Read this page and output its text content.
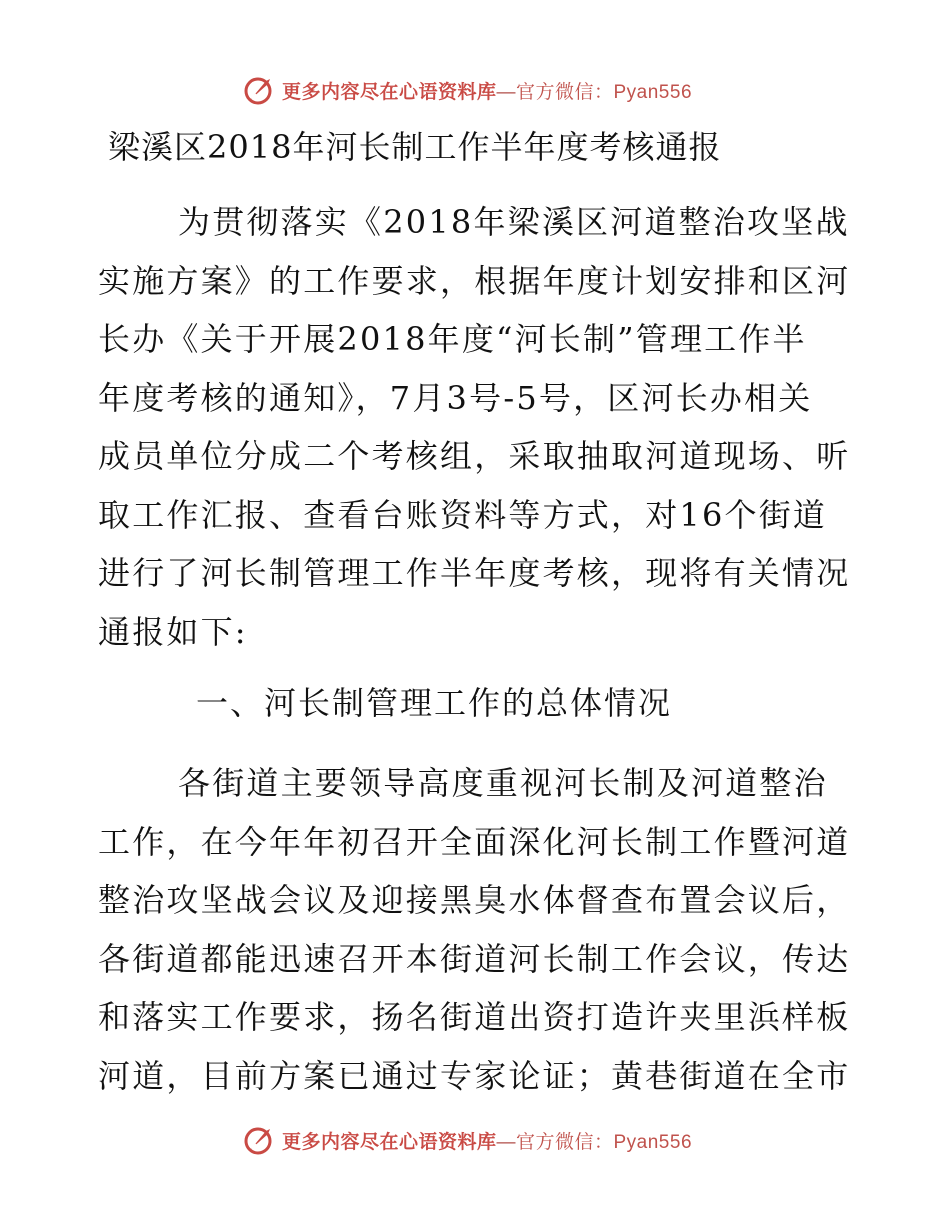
更多内容尽在心语资料库—官方微信：Pyan556
梁溪区2018年河长制工作半年度考核通报
为贯彻落实《2018年梁溪区河道整治攻坚战
实施方案》的工作要求，根据年度计划安排和区河
长办《关于开展2018年度“河长制”管理工作半
年度考核的通知》，7月3号-5号，区河长办相关
成员单位分成二个考核组，采取抽取河道现场、听
取工作汇报、查看台账资料等方式，对16个街道
进行了河长制管理工作半年度考核，现将有关情况
通报如下:
一、河长制管理工作的总体情况
各街道主要领导高度重视河长制及河道整治
工作，在今年年初召开全面深化河长制工作暨河道
整治攻坚战会议及迎接黑臭水体督查布置会议后，
各街道都能迅速召开本街道河长制工作会议，传达
和落实工作要求，扬名街道出资打造许夹里浜样板
河道，目前方案已通过专家论证；黄巷街道在全市
更多内容尽在心语资料库—官方微信：Pyan556
